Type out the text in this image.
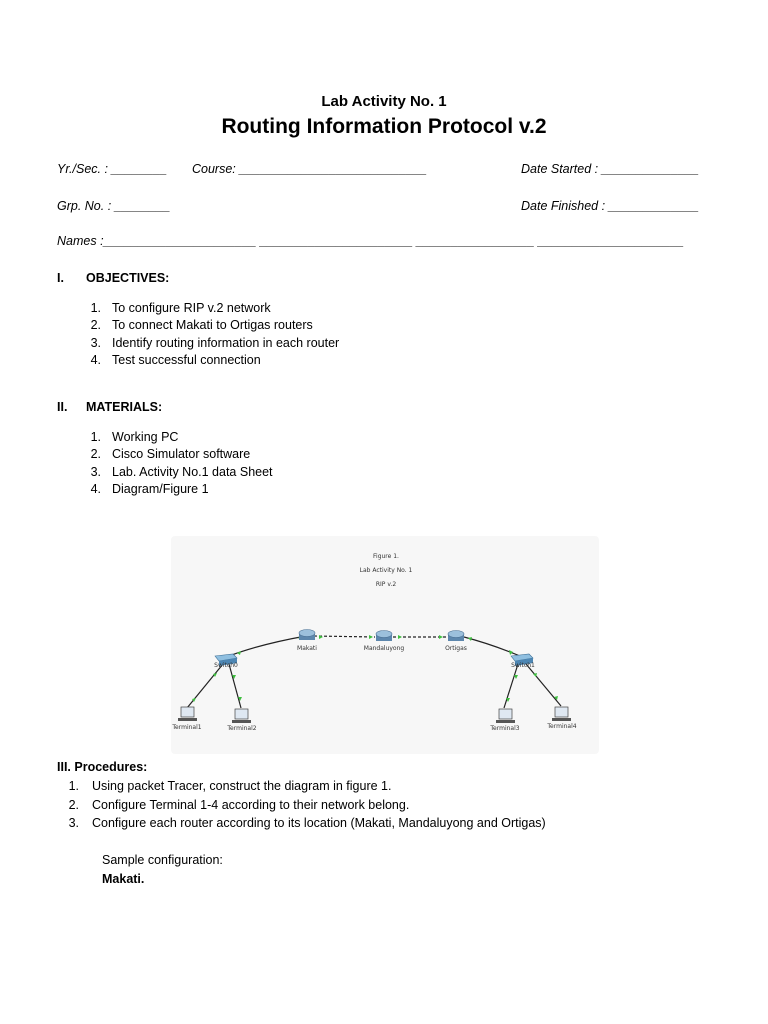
Lab Activity No. 1
Routing Information Protocol v.2
Yr./Sec. : ________ Course: ___________________________	Date Started : ______________
Grp. No. : ________	Date Finished : _____________
Names :______________________ ______________________ _________________ _____________________
I. OBJECTIVES:
1. To configure RIP v.2 network
2. To connect Makati to Ortigas routers
3. Identify routing information in each router
4. Test successful connection
II. MATERIALS:
1. Working PC
2. Cisco Simulator software
3. Lab. Activity No.1 data Sheet
4. Diagram/Figure 1
Figure 1.
Lab Activity No. 1
RIP v.2
Makati	Mandaluyong	Ortigas
Switch0	Switch1
Terminal1	Terminal2	Terminal3	Terminal4
III. Procedures:
1. Using packet Tracer, construct the diagram in figure 1.
2. Configure Terminal 1-4 according to their network belong.
3. Configure each router according to its location (Makati, Mandaluyong and Ortigas)
Sample configuration:
Makati.
